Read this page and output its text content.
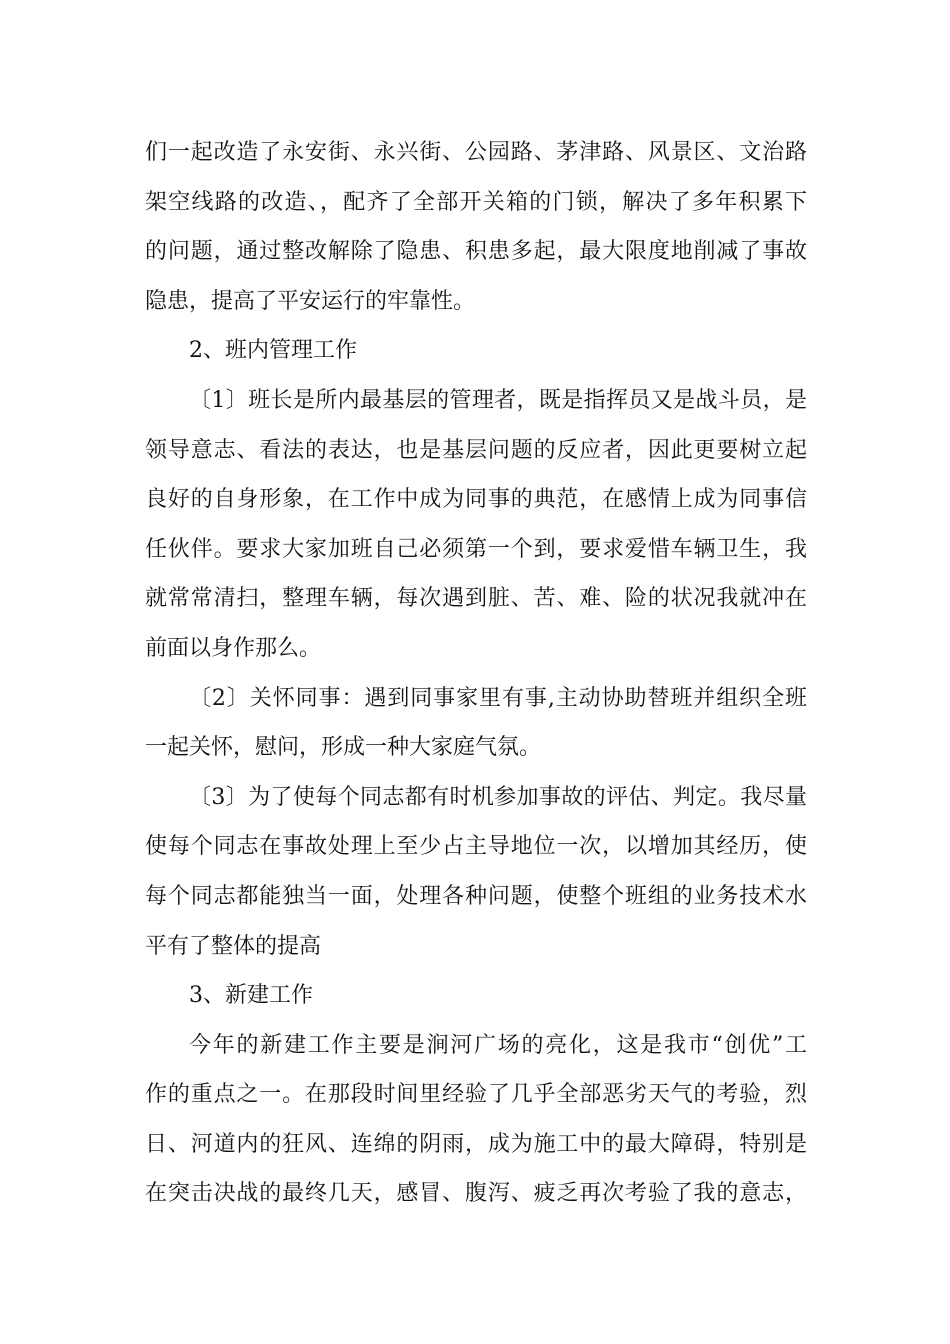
们一起改造了永安街、永兴街、公园路、茅津路、风景区、文治路
架空线路的改造、，配齐了全部开关箱的门锁，解决了多年积累下
的问题，通过整改解除了隐患、积患多起，最大限度地削减了事故
隐患，提高了平安运行的牢靠性。
2、班内管理工作
〔1〕班长是所内最基层的管理者，既是指挥员又是战斗员，是
领导意志、看法的表达，也是基层问题的反应者，因此更要树立起
良好的自身形象，在工作中成为同事的典范，在感情上成为同事信
任伙伴。要求大家加班自己必须第一个到，要求爱惜车辆卫生，我
就常常清扫，整理车辆，每次遇到脏、苦、难、险的状况我就冲在
前面以身作那么。
〔2〕关怀同事：遇到同事家里有事,主动协助替班并组织全班
一起关怀，慰问，形成一种大家庭气氛。
〔3〕为了使每个同志都有时机参加事故的评估、判定。我尽量
使每个同志在事故处理上至少占主导地位一次，以增加其经历，使
每个同志都能独当一面，处理各种问题，使整个班组的业务技术水
平有了整体的提高
3、新建工作
今年的新建工作主要是涧河广场的亮化，这是我市“创优”工
作的重点之一。在那段时间里经验了几乎全部恶劣天气的考验，烈
日、河道内的狂风、连绵的阴雨，成为施工中的最大障碍，特别是
在突击决战的最终几天，感冒、腹泻、疲乏再次考验了我的意志，
